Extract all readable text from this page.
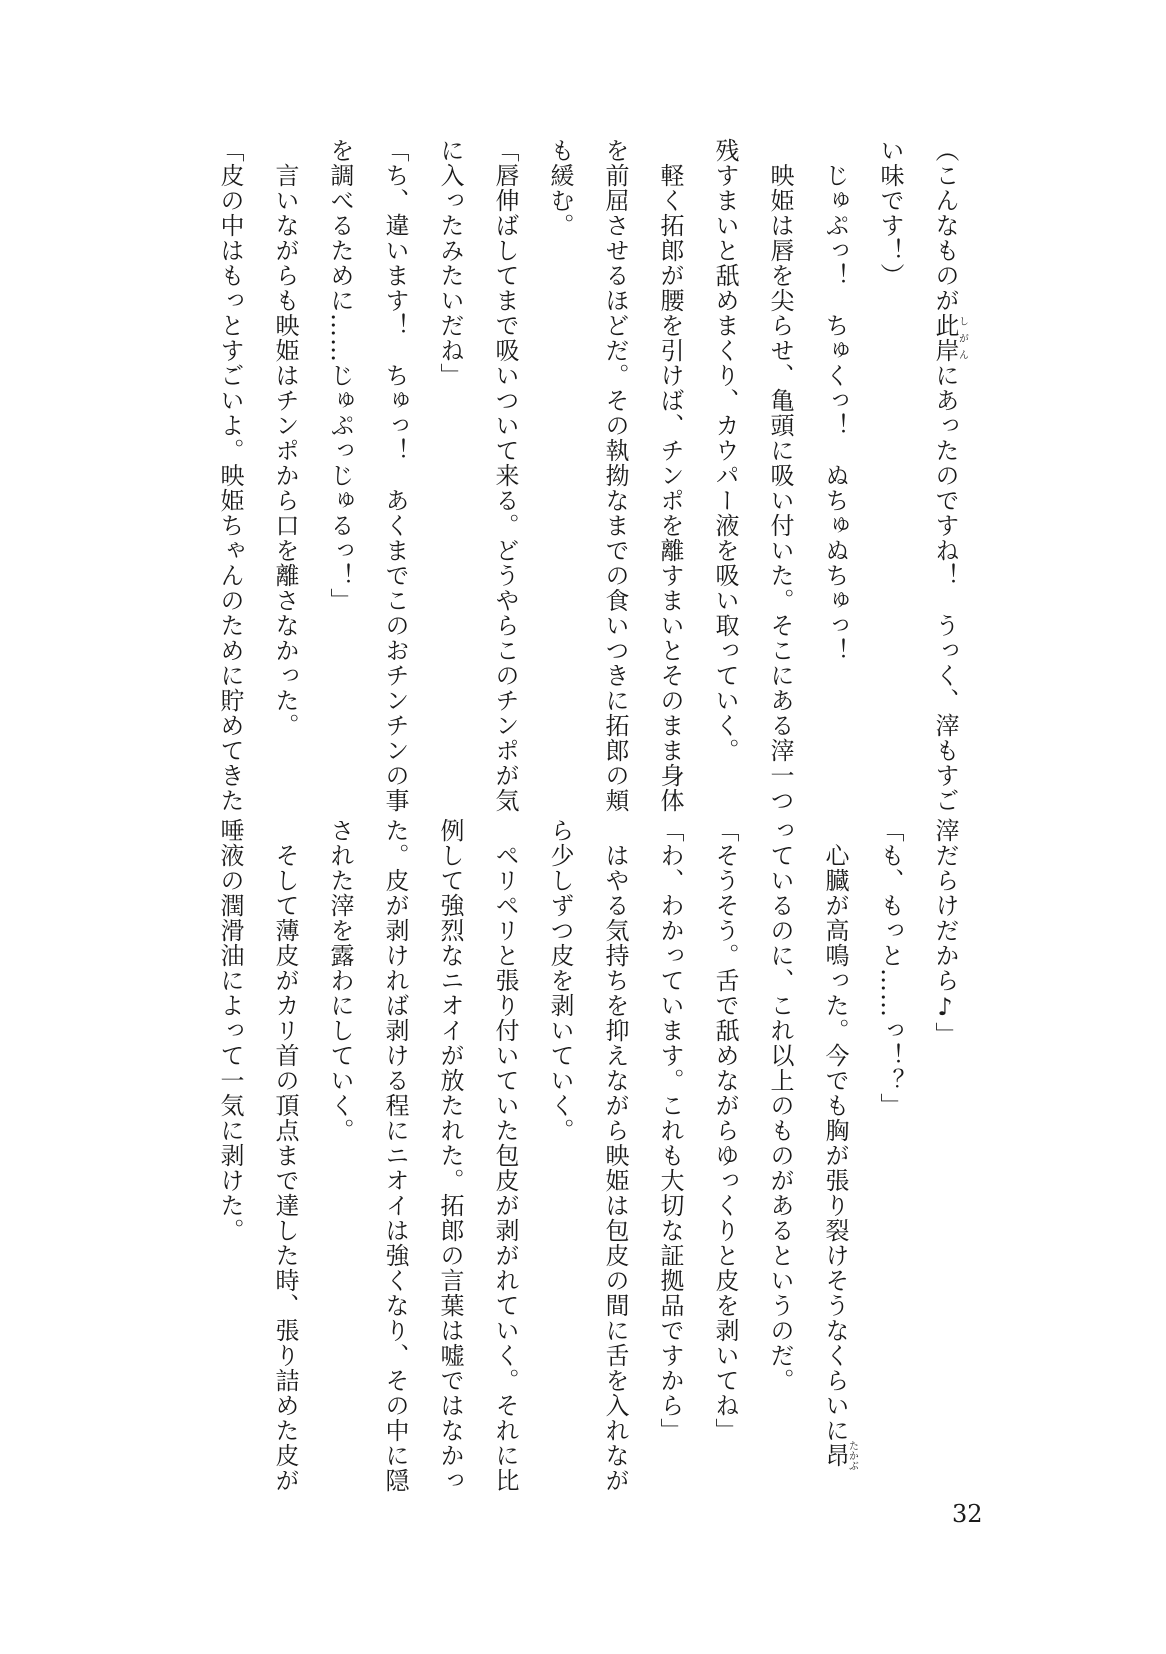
（こんなものが此岸しがんにあったのですね！　うっく、滓もすご
い味です！）
　じゅぷっ！　ちゅくっ！　ぬちゅぬちゅっ！
　映姫は唇を尖らせ、亀頭に吸い付いた。そこにある滓一つ
残すまいと舐めまくり、カウパー液を吸い取っていく。
　軽く拓郎が腰を引けば、チンポを離すまいとそのまま身体
を前屈させるほどだ。その執拗なまでの食いつきに拓郎の頬
も緩む。
「唇伸ばしてまで吸いついて来る。どうやらこのチンポが気
に入ったみたいだね」
「ち、違います！　ちゅっ！　あくまでこのおチンチンの事
を調べるために……じゅぷっじゅるっ！」
　言いながらも映姫はチンポから口を離さなかった。
「皮の中はもっとすごいよ。映姫ちゃんのために貯めてきた
滓だらけだから♪」
「も、もっと……っ！？」
　心臓が高鳴った。今でも胸が張り裂けそうなくらいに昂たかぶ
っているのに、これ以上のものがあるというのだ。
「そうそう。舌で舐めながらゆっくりと皮を剥いてね」
「わ、わかっています。これも大切な証拠品ですから」
　はやる気持ちを抑えながら映姫は包皮の間に舌を入れなが
ら少しずつ皮を剥いていく。
　ペリペリと張り付いていた包皮が剥がれていく。それに比
例して強烈なニオイが放たれた。拓郎の言葉は嘘ではなかっ
た。皮が剥ければ剥ける程にニオイは強くなり、その中に隠
された滓を露わにしていく。
　そして薄皮がカリ首の頂点まで達した時、張り詰めた皮が
唾液の潤滑油によって一気に剥けた。
32
